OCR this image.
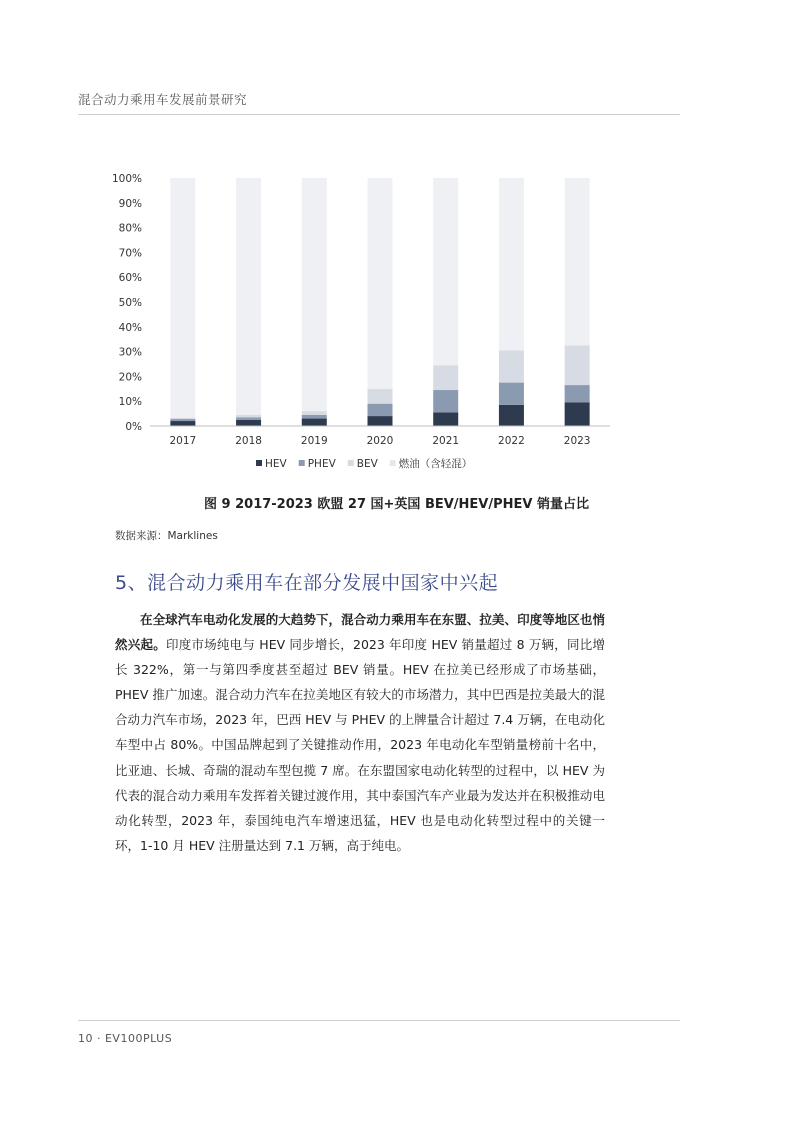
混合动力乘用车发展前景研究
0%
10%
20%
30%
40%
50%
60%
70%
80%
90%
100%
2017	2018	2019	2020	2021	2022	2023
HEV PHEV BEV 燃油（含轻混）
图 9 2017-2023 欧盟 27 国+英国 BEV/HEV/PHEV 销量占比
数据来源：Marklines
5、混合动力乘用车在部分发展中国家中兴起

在全球汽车电动化发展的大趋势下，混合动力乘用车在东盟、拉美、印度等地区也悄然兴起。印度市场纯电与 HEV 同步增长，2023 年印度 HEV 销量超过 8 万辆，同比增长 322%，第一与第四季度甚至超过 BEV 销量。HEV 在拉美已经形成了市场基础，PHEV 推广加速。混合动力汽车在拉美地区有较大的市场潜力，其中巴西是拉美最大的混合动力汽车市场，2023 年，巴西 HEV 与 PHEV 的上牌量合计超过 7.4 万辆，在电动化车型中占 80%。中国品牌起到了关键推动作用，2023 年电动化车型销量榜前十名中，比亚迪、长城、奇瑞的混动车型包揽 7 席。在东盟国家电动化转型的过程中，以 HEV 为代表的混合动力乘用车发挥着关键过渡作用，其中泰国汽车产业最为发达并在积极推动电动化转型，2023 年，泰国纯电汽车增速迅猛，HEV 也是电动化转型过程中的关键一环，1-10 月 HEV 注册量达到 7.1 万辆，高于纯电。

10 · EV100PLUS
